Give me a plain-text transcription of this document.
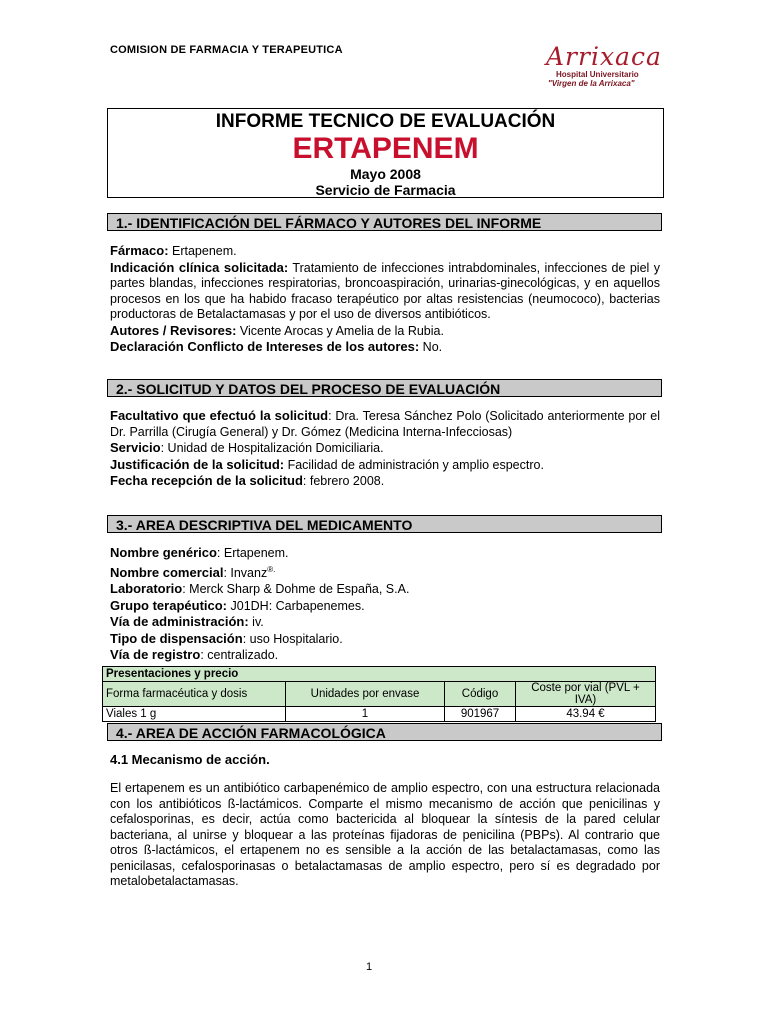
COMISION DE FARMACIA Y TERAPEUTICA	Arrixaca
Hospital Universitario
"Virgen de la Arrixaca"
INFORME TECNICO DE EVALUACIÓN
ERTAPENEM
Mayo 2008
Servicio de Farmacia
1.- IDENTIFICACIÓN DEL FÁRMACO Y AUTORES DEL INFORME

Fármaco: Ertapenem.

Indicación clínica solicitada: Tratamiento de infecciones intrabdominales, infecciones de piel y partes blandas, infecciones respiratorias, broncoaspiración, urinarias-ginecológicas, y en aquellos procesos en los que ha habido fracaso terapéutico por altas resistencias (neumococo), bacterias productoras de Betalactamasas y por el uso de diversos antibióticos.

Autores / Revisores: Vicente Arocas y Amelia de la Rubia.

Declaración Conflicto de Intereses de los autores: No.

2.- SOLICITUD Y DATOS DEL PROCESO DE EVALUACIÓN

Facultativo que efectuó la solicitud: Dra. Teresa Sánchez Polo (Solicitado anteriormente por el Dr. Parrilla (Cirugía General) y Dr. Gómez (Medicina Interna-Infecciosas)

Servicio: Unidad de Hospitalización Domiciliaria.

Justificación de la solicitud: Facilidad de administración y amplio espectro.

Fecha recepción de la solicitud: febrero 2008.

3.- AREA DESCRIPTIVA DEL MEDICAMENTO

Nombre genérico: Ertapenem.

Nombre comercial: Invanz®.

Laboratorio: Merck Sharp & Dohme de España, S.A.

Grupo terapéutico: J01DH: Carbapenemes.

Vía de administración: iv.

Tipo de dispensación: uso Hospitalario.

Vía de registro: centralizado.

Presentaciones y precio			
Forma farmacéutica y dosis	Unidades por envase	Código	Coste por vial (PVL + IVA)
Viales 1 g	1	901967	43.94 €
4.- AREA DE ACCIÓN FARMACOLÓGICA
4.1 Mecanismo de acción.

El ertapenem es un antibiótico carbapenémico de amplio espectro, con una estructura relacionada con los antibióticos ß-lactámicos. Comparte el mismo mecanismo de acción que penicilinas y cefalosporinas, es decir, actúa como bactericida al bloquear la síntesis de la pared celular bacteriana, al unirse y bloquear a las proteínas fijadoras de penicilina (PBPs). Al contrario que otros ß-lactámicos, el ertapenem no es sensible a la acción de las betalactamasas, como las penicilasas, cefalosporinasas o betalactamasas de amplio espectro, pero sí es degradado por metalobetalactamasas.

1
